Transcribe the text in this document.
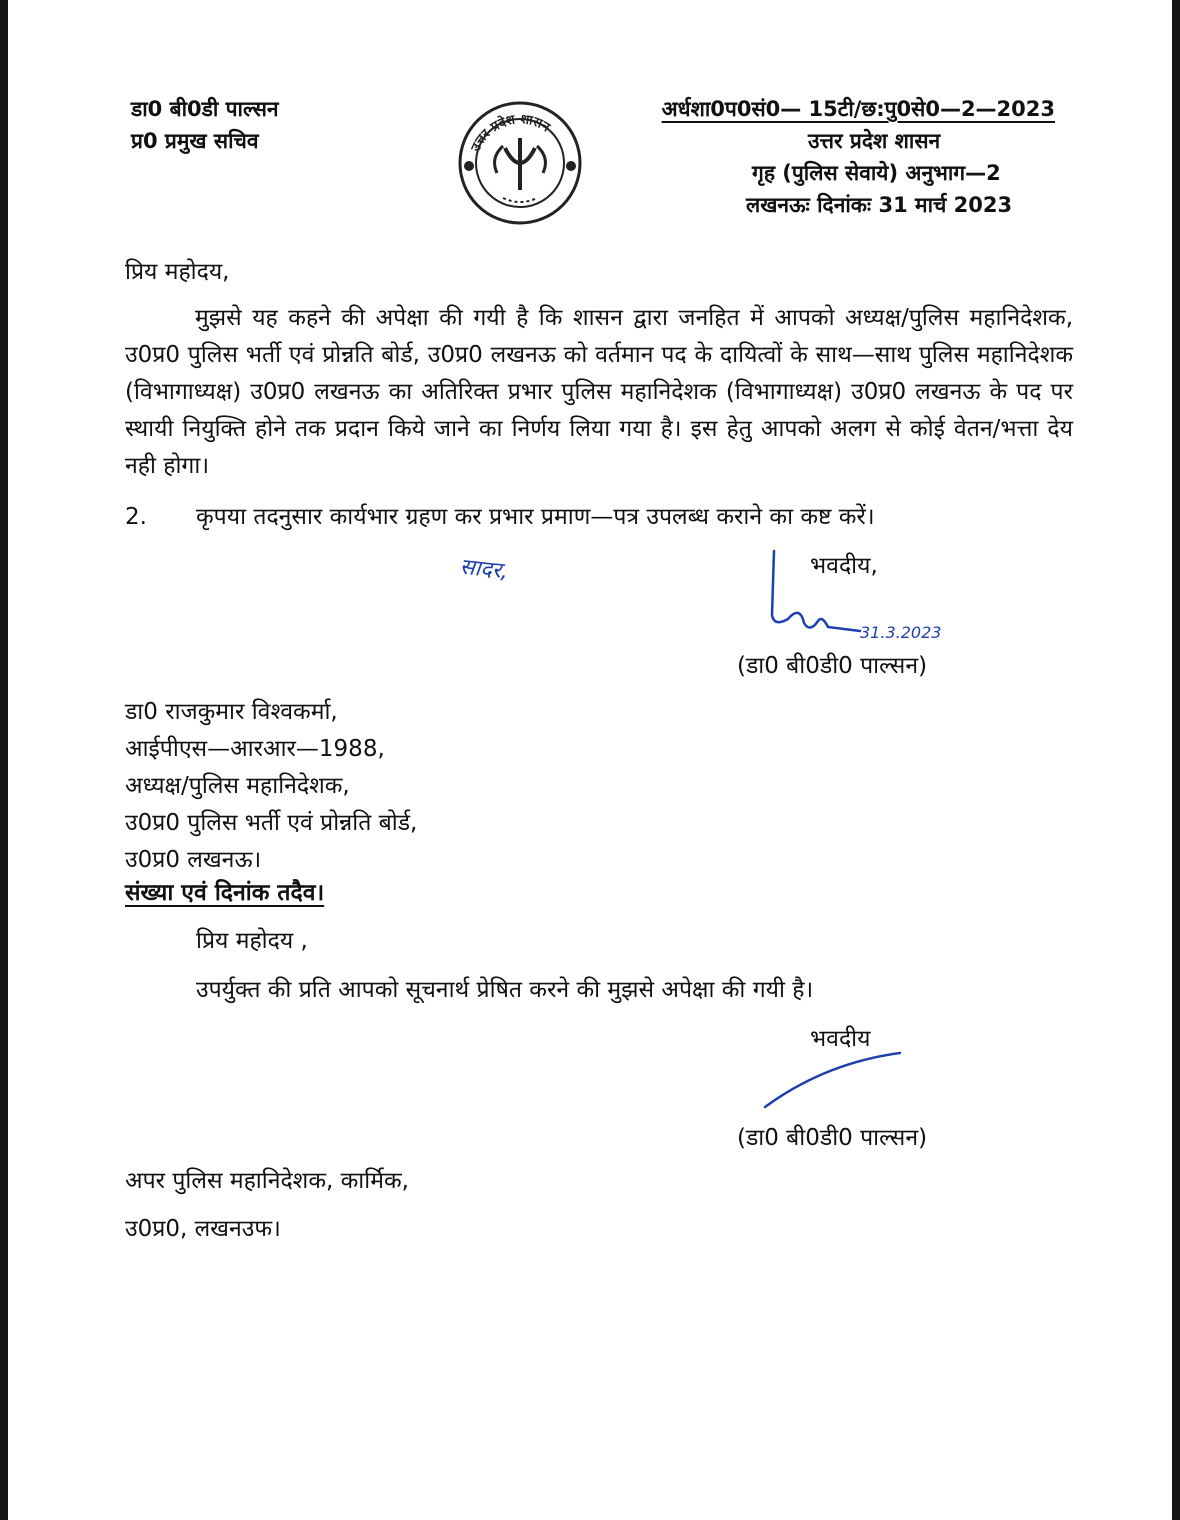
डा0 बी0डी पाल्सन
प्र0 प्रमुख सचिव	उत्तर प्रदेश शासन
अर्धशा0प0सं0— 15टी/छ:पु0से0—2—2023
उत्तर प्रदेश शासन
गृह (पुलिस सेवाये) अनुभाग—2
लखनऊः दिनांकः 31 मार्च 2023
प्रिय महोदय,
मुझसे यह कहने की अपेक्षा की गयी है कि शासन द्वारा जनहित में आपको अध्यक्ष/पुलिस महानिदेशक, उ0प्र0 पुलिस भर्ती एवं प्रोन्नति बोर्ड, उ0प्र0 लखनऊ को वर्तमान पद के दायित्वों के साथ—साथ पुलिस महानिदेशक (विभागाध्यक्ष) उ0प्र0 लखनऊ का अतिरिक्त प्रभार पुलिस महानिदेशक (विभागाध्यक्ष) उ0प्र0 लखनऊ के पद पर स्थायी नियुक्ति होने तक प्रदान किये जाने का निर्णय लिया गया है। इस हेतु आपको अलग से कोई वेतन/भत्ता देय नही होगा।
2. कृपया तदनुसार कार्यभार ग्रहण कर प्रभार प्रमाण—पत्र उपलब्ध कराने का कष्ट करें।
सादर,	भवदीय,
31.3.2023
(डा0 बी0डी0 पाल्सन)
डा0 राजकुमार विश्वकर्मा,
आईपीएस—आरआर—1988,
अध्यक्ष/पुलिस महानिदेशक,
उ0प्र0 पुलिस भर्ती एवं प्रोन्नति बोर्ड,
उ0प्र0 लखनऊ।
संख्या एवं दिनांक तदैव।
प्रिय महोदय ,
उपर्युक्त की प्रति आपको सूचनार्थ प्रेषित करने की मुझसे अपेक्षा की गयी है।
भवदीय
(डा0 बी0डी0 पाल्सन)
अपर पुलिस महानिदेशक, कार्मिक,
उ0प्र0, लखनउफ।
